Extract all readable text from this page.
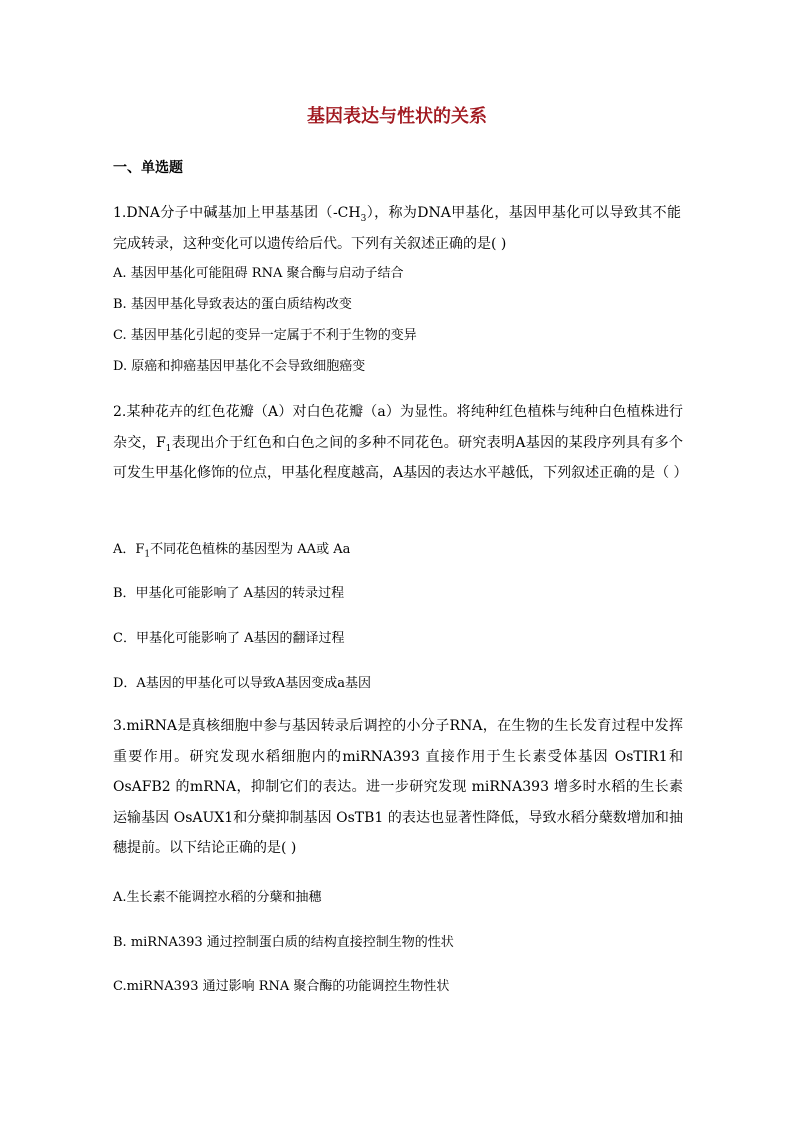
基因表达与性状的关系
一、单选题
1.DNA分子中碱基加上甲基基团$(-CH_3)$，称为DNA甲基化，基因甲基化可以导致其不能完成转录，这种变化可以遗传给后代。下列有关叙述正确的是( )
A. 基因甲基化可能阻碍 RNA 聚合酶与启动子结合
B. 基因甲基化导致表达的蛋白质结构改变
C. 基因甲基化引起的变异一定属于不利于生物的变异
D. 原癌和抑癌基因甲基化不会导致细胞癌变
2.某种花卉的红色花瓣（A）对白色花瓣（a）为显性。将纯种红色植株与纯种白色植株进行杂交，$F_1$表现出介于红色和白色之间的多种不同花色。研究表明A基因的某段序列具有多个可发生甲基化修饰的位点，甲基化程度越高，A基因的表达水平越低，下列叙述正确的是（ ）
A．$F_1$不同花色植株的基因型为 AA或 Aa
B．甲基化可能影响了 A基因的转录过程
C．甲基化可能影响了 A基因的翻译过程
D．A基因的甲基化可以导致A基因变成a基因
3.miRNA是真核细胞中参与基因转录后调控的小分子RNA，在生物的生长发育过程中发挥重要作用。研究发现水稻细胞内的miRNA393 直接作用于生长素受体基因 OsTIR1和 OsAFB2 的mRNA，抑制它们的表达。进一步研究发现 miRNA393 增多时水稻的生长素运输基因 OsAUX1和分蘖抑制基因 OsTB1 的表达也显著性降低，导致水稻分蘖数增加和抽穗提前。以下结论正确的是( )
A.生长素不能调控水稻的分蘖和抽穗
B. miRNA393 通过控制蛋白质的结构直接控制生物的性状
C.miRNA393 通过影响 RNA 聚合酶的功能调控生物性状
